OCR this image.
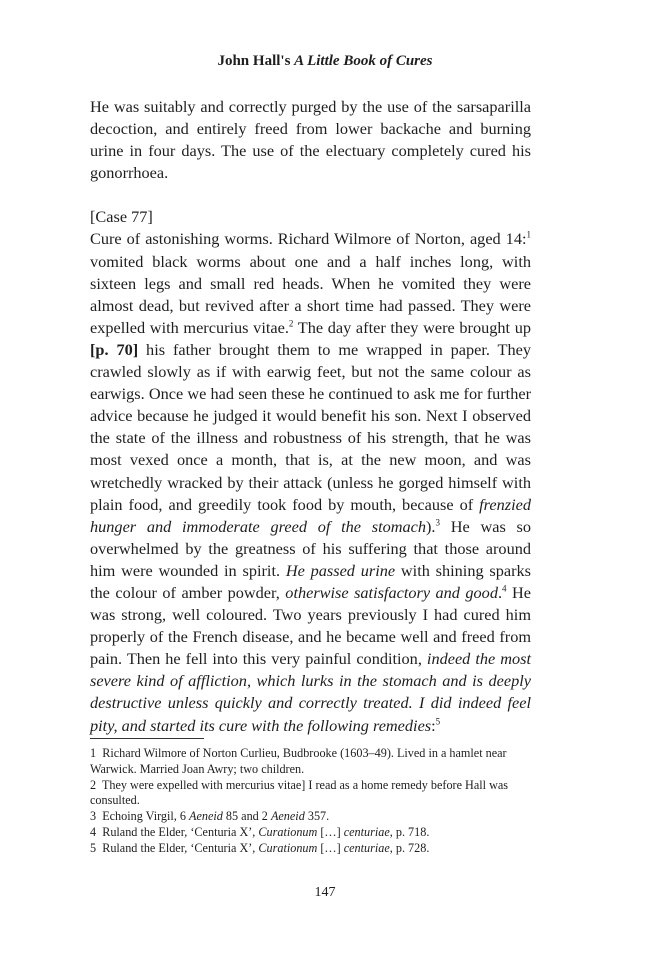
John Hall's A Little Book of Cures

He was suitably and correctly purged by the use of the sarsaparilla decoction, and entirely freed from lower backache and burning urine in four days. The use of the electuary completely cured his gonorrhoea.

[Case 77]

Cure of astonishing worms. Richard Wilmore of Norton, aged 14:$^1$ vomited black worms about one and a half inches long, with sixteen legs and small red heads. When he vomited they were almost dead, but revived after a short time had passed. They were expelled with mercurius vitae.$^2$ The day after they were brought up [p. 70] his father brought them to me wrapped in paper. They crawled slowly as if with earwig feet, but not the same colour as earwigs. Once we had seen these he continued to ask me for further advice because he judged it would benefit his son. Next I observed the state of the illness and robustness of his strength, that he was most vexed once a month, that is, at the new moon, and was wretchedly wracked by their attack (unless he gorged himself with plain food, and greedily took food by mouth, because of frenzied hunger and immoderate greed of the stomach).$^3$ He was so overwhelmed by the greatness of his suffering that those around him were wounded in spirit. He passed urine with shining sparks the colour of amber powder, otherwise satisfactory and good.$^4$ He was strong, well coloured. Two years previously I had cured him properly of the French disease, and he became well and freed from pain. Then he fell into this very painful condition, indeed the most severe kind of affliction, which lurks in the stomach and is deeply destructive unless quickly and correctly treated. I did indeed feel pity, and started its cure with the following remedies:$^5$

1 Richard Wilmore of Norton Curlieu, Budbrooke (1603–49). Lived in a hamlet near Warwick. Married Joan Awry; two children.

2 They were expelled with mercurius vitae] I read as a home remedy before Hall was consulted.

3 Echoing Virgil, 6 Aeneid 85 and 2 Aeneid 357.

4 Ruland the Elder, ‘Centuria X’, Curationum […] centuriae, p. 718.

5 Ruland the Elder, ‘Centuria X’, Curationum […] centuriae, p. 728.

147
